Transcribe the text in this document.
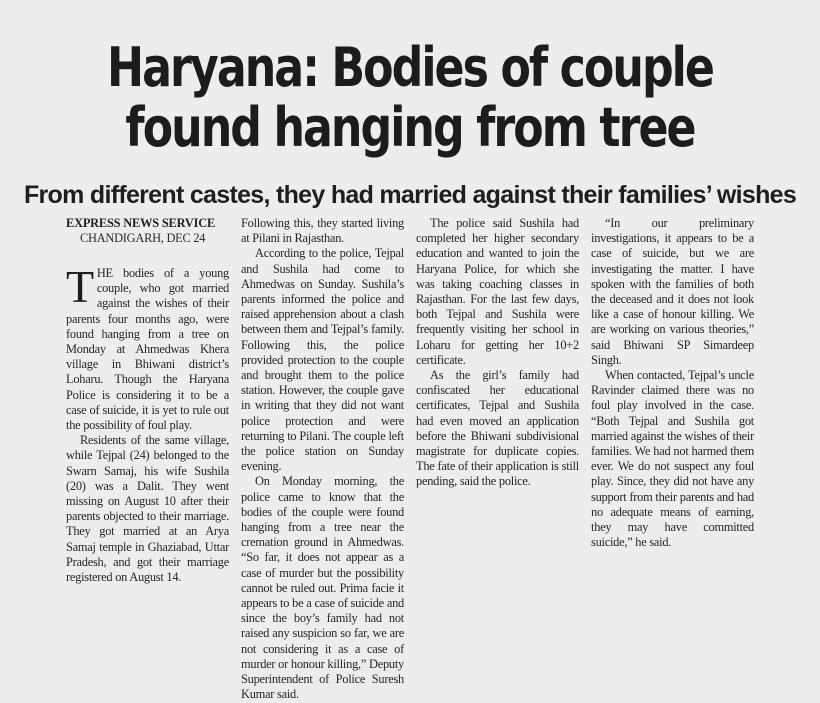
Haryana: Bodies of couple
found hanging from tree
From different castes, they had married against their families’ wishes
EXPRESS NEWS SERVICE
CHANDIGARH, DEC 24

THE bodies of a young couple, who got married against the wishes of their parents four months ago, were found hanging from a tree on Monday at Ahmedwas Khera village in Bhiwani district’s Loharu. Though the Haryana Police is considering it to be a case of suicide, it is yet to rule out the possibility of foul play.

Residents of the same village, while Tejpal (24) belonged to the Swarn Samaj, his wife Sushila (20) was a Dalit. They went missing on August 10 after their parents objected to their marriage. They got married at an Arya Samaj temple in Ghaziabad, Uttar Pradesh, and got their marriage registered on August 14.

Following this, they started living at Pilani in Rajasthan.

According to the police, Tejpal and Sushila had come to Ahmedwas on Sunday. Sushila’s parents informed the police and raised apprehension about a clash between them and Tejpal’s family. Following this, the police provided protection to the couple and brought them to the police station. However, the couple gave in writing that they did not want police protection and were returning to Pilani. The couple left the police station on Sunday evening.

On Monday morning, the police came to know that the bodies of the couple were found hanging from a tree near the cremation ground in Ahmedwas. “So far, it does not appear as a case of murder but the possibility cannot be ruled out. Prima facie it appears to be a case of suicide and since the boy’s family had not raised any suspicion so far, we are not considering it as a case of murder or honour killing,” Deputy Superintendent of Police Suresh Kumar said.

The police said Sushila had completed her higher secondary education and wanted to join the Haryana Police, for which she was taking coaching classes in Rajasthan. For the last few days, both Tejpal and Sushila were frequently visiting her school in Loharu for getting her 10+2 certificate.

As the girl’s family had confiscated her educational certificates, Tejpal and Sushila had even moved an application before the Bhiwani subdivisional magistrate for duplicate copies. The fate of their application is still pending, said the police.

“In our preliminary investigations, it appears to be a case of suicide, but we are investigating the matter. I have spoken with the families of both the deceased and it does not look like a case of honour killing. We are working on various theories,” said Bhiwani SP Simardeep Singh.

When contacted, Tejpal’s uncle Ravinder claimed there was no foul play involved in the case. “Both Tejpal and Sushila got married against the wishes of their families. We had not harmed them ever. We do not suspect any foul play. Since, they did not have any support from their parents and had no adequate means of earning, they may have committed suicide,” he said.
